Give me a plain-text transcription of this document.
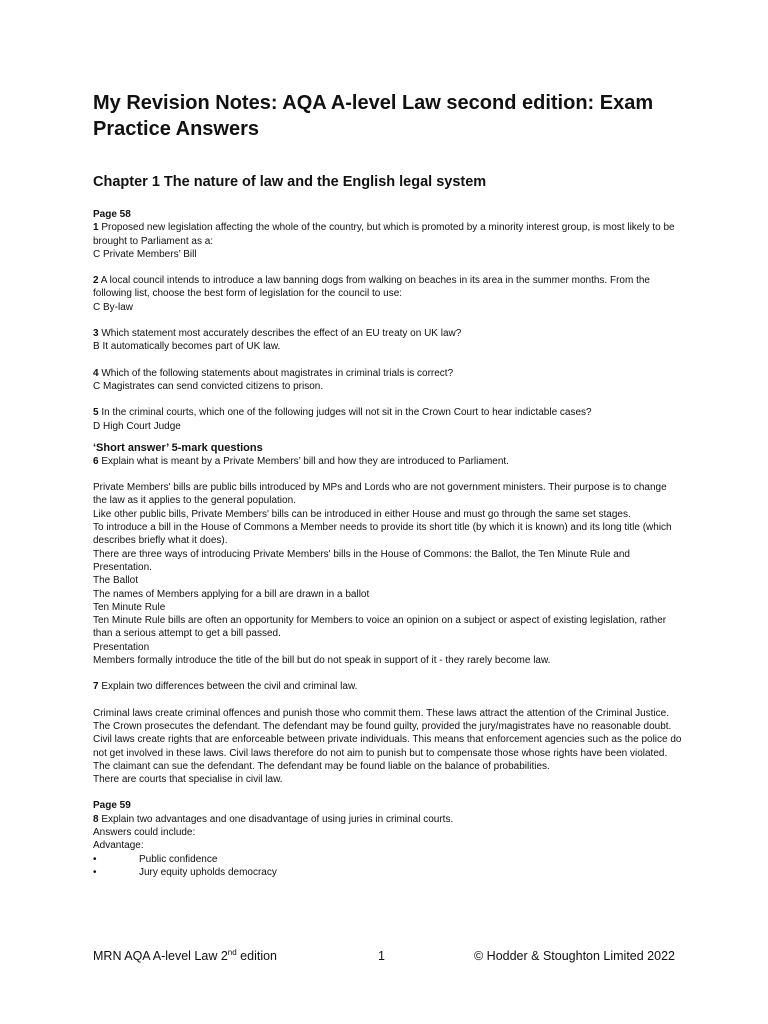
My Revision Notes: AQA A-level Law second edition: Exam Practice Answers
Chapter 1 The nature of law and the English legal system

Page 58

1 Proposed new legislation affecting the whole of the country, but which is promoted by a minority interest group, is most likely to be brought to Parliament as a:

C Private Members’ Bill

2 A local council intends to introduce a law banning dogs from walking on beaches in its area in the summer months. From the following list, choose the best form of legislation for the council to use:

C By-law

3 Which statement most accurately describes the effect of an EU treaty on UK law?

B It automatically becomes part of UK law.

4 Which of the following statements about magistrates in criminal trials is correct?

C Magistrates can send convicted citizens to prison.

5 In the criminal courts, which one of the following judges will not sit in the Crown Court to hear indictable cases?

D High Court Judge

‘Short answer’ 5-mark questions

6 Explain what is meant by a Private Members’ bill and how they are introduced to Parliament.

Private Members' bills are public bills introduced by MPs and Lords who are not government ministers. Their purpose is to change the law as it applies to the general population.

Like other public bills, Private Members' bills can be introduced in either House and must go through the same set stages.

To introduce a bill in the House of Commons a Member needs to provide its short title (by which it is known) and its long title (which describes briefly what it does).

There are three ways of introducing Private Members' bills in the House of Commons: the Ballot, the Ten Minute Rule and Presentation.

The Ballot

The names of Members applying for a bill are drawn in a ballot

Ten Minute Rule

Ten Minute Rule bills are often an opportunity for Members to voice an opinion on a subject or aspect of existing legislation, rather than a serious attempt to get a bill passed.

Presentation

Members formally introduce the title of the bill but do not speak in support of it - they rarely become law.

7 Explain two differences between the civil and criminal law.

Criminal laws create criminal offences and punish those who commit them. These laws attract the attention of the Criminal Justice.

The Crown prosecutes the defendant. The defendant may be found guilty, provided the jury/magistrates have no reasonable doubt.

Civil laws create rights that are enforceable between private individuals. This means that enforcement agencies such as the police do not get involved in these laws. Civil laws therefore do not aim to punish but to compensate those whose rights have been violated.

The claimant can sue the defendant. The defendant may be found liable on the balance of probabilities.

There are courts that specialise in civil law.

Page 59

8 Explain two advantages and one disadvantage of using juries in criminal courts.

Answers could include:

Advantage:

•	Public confidence
•	Jury equity upholds democracy
MRN AQA A-level Law 2nd edition	1	© Hodder & Stoughton Limited 2022
